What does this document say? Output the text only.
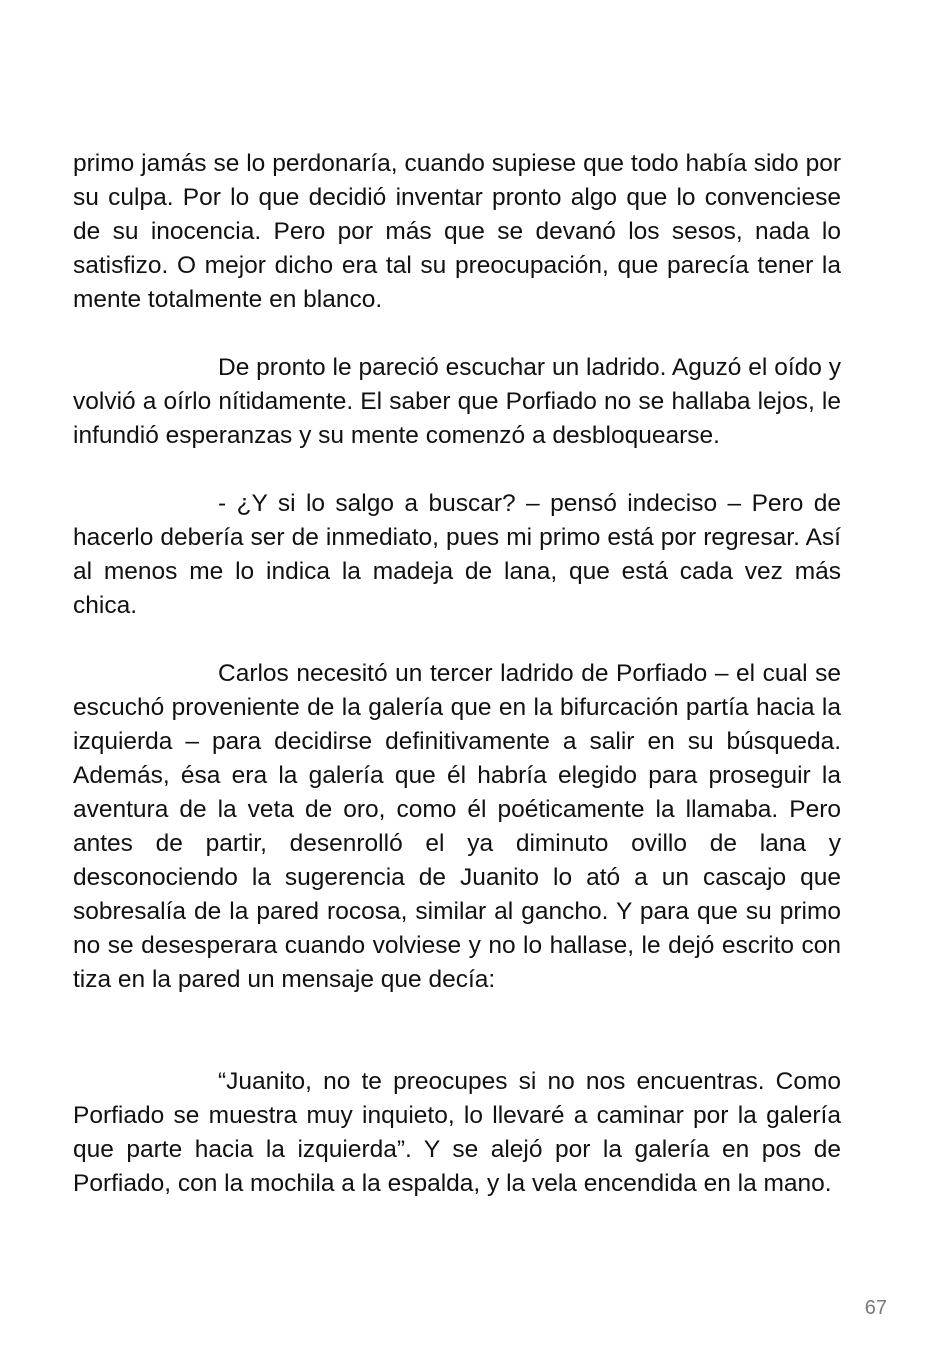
primo jamás se lo perdonaría, cuando supiese que todo había sido por su culpa. Por lo que decidió inventar pronto algo que lo convenciese de su inocencia. Pero por más que se devanó los sesos, nada lo satisfizo. O mejor dicho era tal su preocupación, que parecía tener la mente totalmente en blanco.

De pronto le pareció escuchar un ladrido. Aguzó el oído y volvió a oírlo nítidamente. El saber que Porfiado no se hallaba lejos, le infundió esperanzas y su mente comenzó a desbloquearse.

- ¿Y si lo salgo a buscar? – pensó indeciso – Pero de hacerlo debería ser de inmediato, pues mi primo está por regresar. Así al menos me lo indica la madeja de lana, que está cada vez más chica.

Carlos necesitó un tercer ladrido de Porfiado – el cual se escuchó proveniente de la galería que en la bifurcación partía hacia la izquierda – para decidirse definitivamente a salir en su búsqueda. Además, ésa era la galería que él habría elegido para proseguir la aventura de la veta de oro, como él poéticamente la llamaba. Pero antes de partir, desenrolló el ya diminuto ovillo de lana y desconociendo la sugerencia de Juanito lo ató a un cascajo que sobresalía de la pared rocosa, similar al gancho. Y para que su primo no se desesperara cuando volviese y no lo hallase, le dejó escrito con tiza en la pared un mensaje que decía:

“Juanito, no te preocupes si no nos encuentras. Como Porfiado se muestra muy inquieto, lo llevaré a caminar por la galería que parte hacia la izquierda”. Y se alejó por la galería en pos de Porfiado, con la mochila a la espalda, y la vela encendida en la mano.

67
